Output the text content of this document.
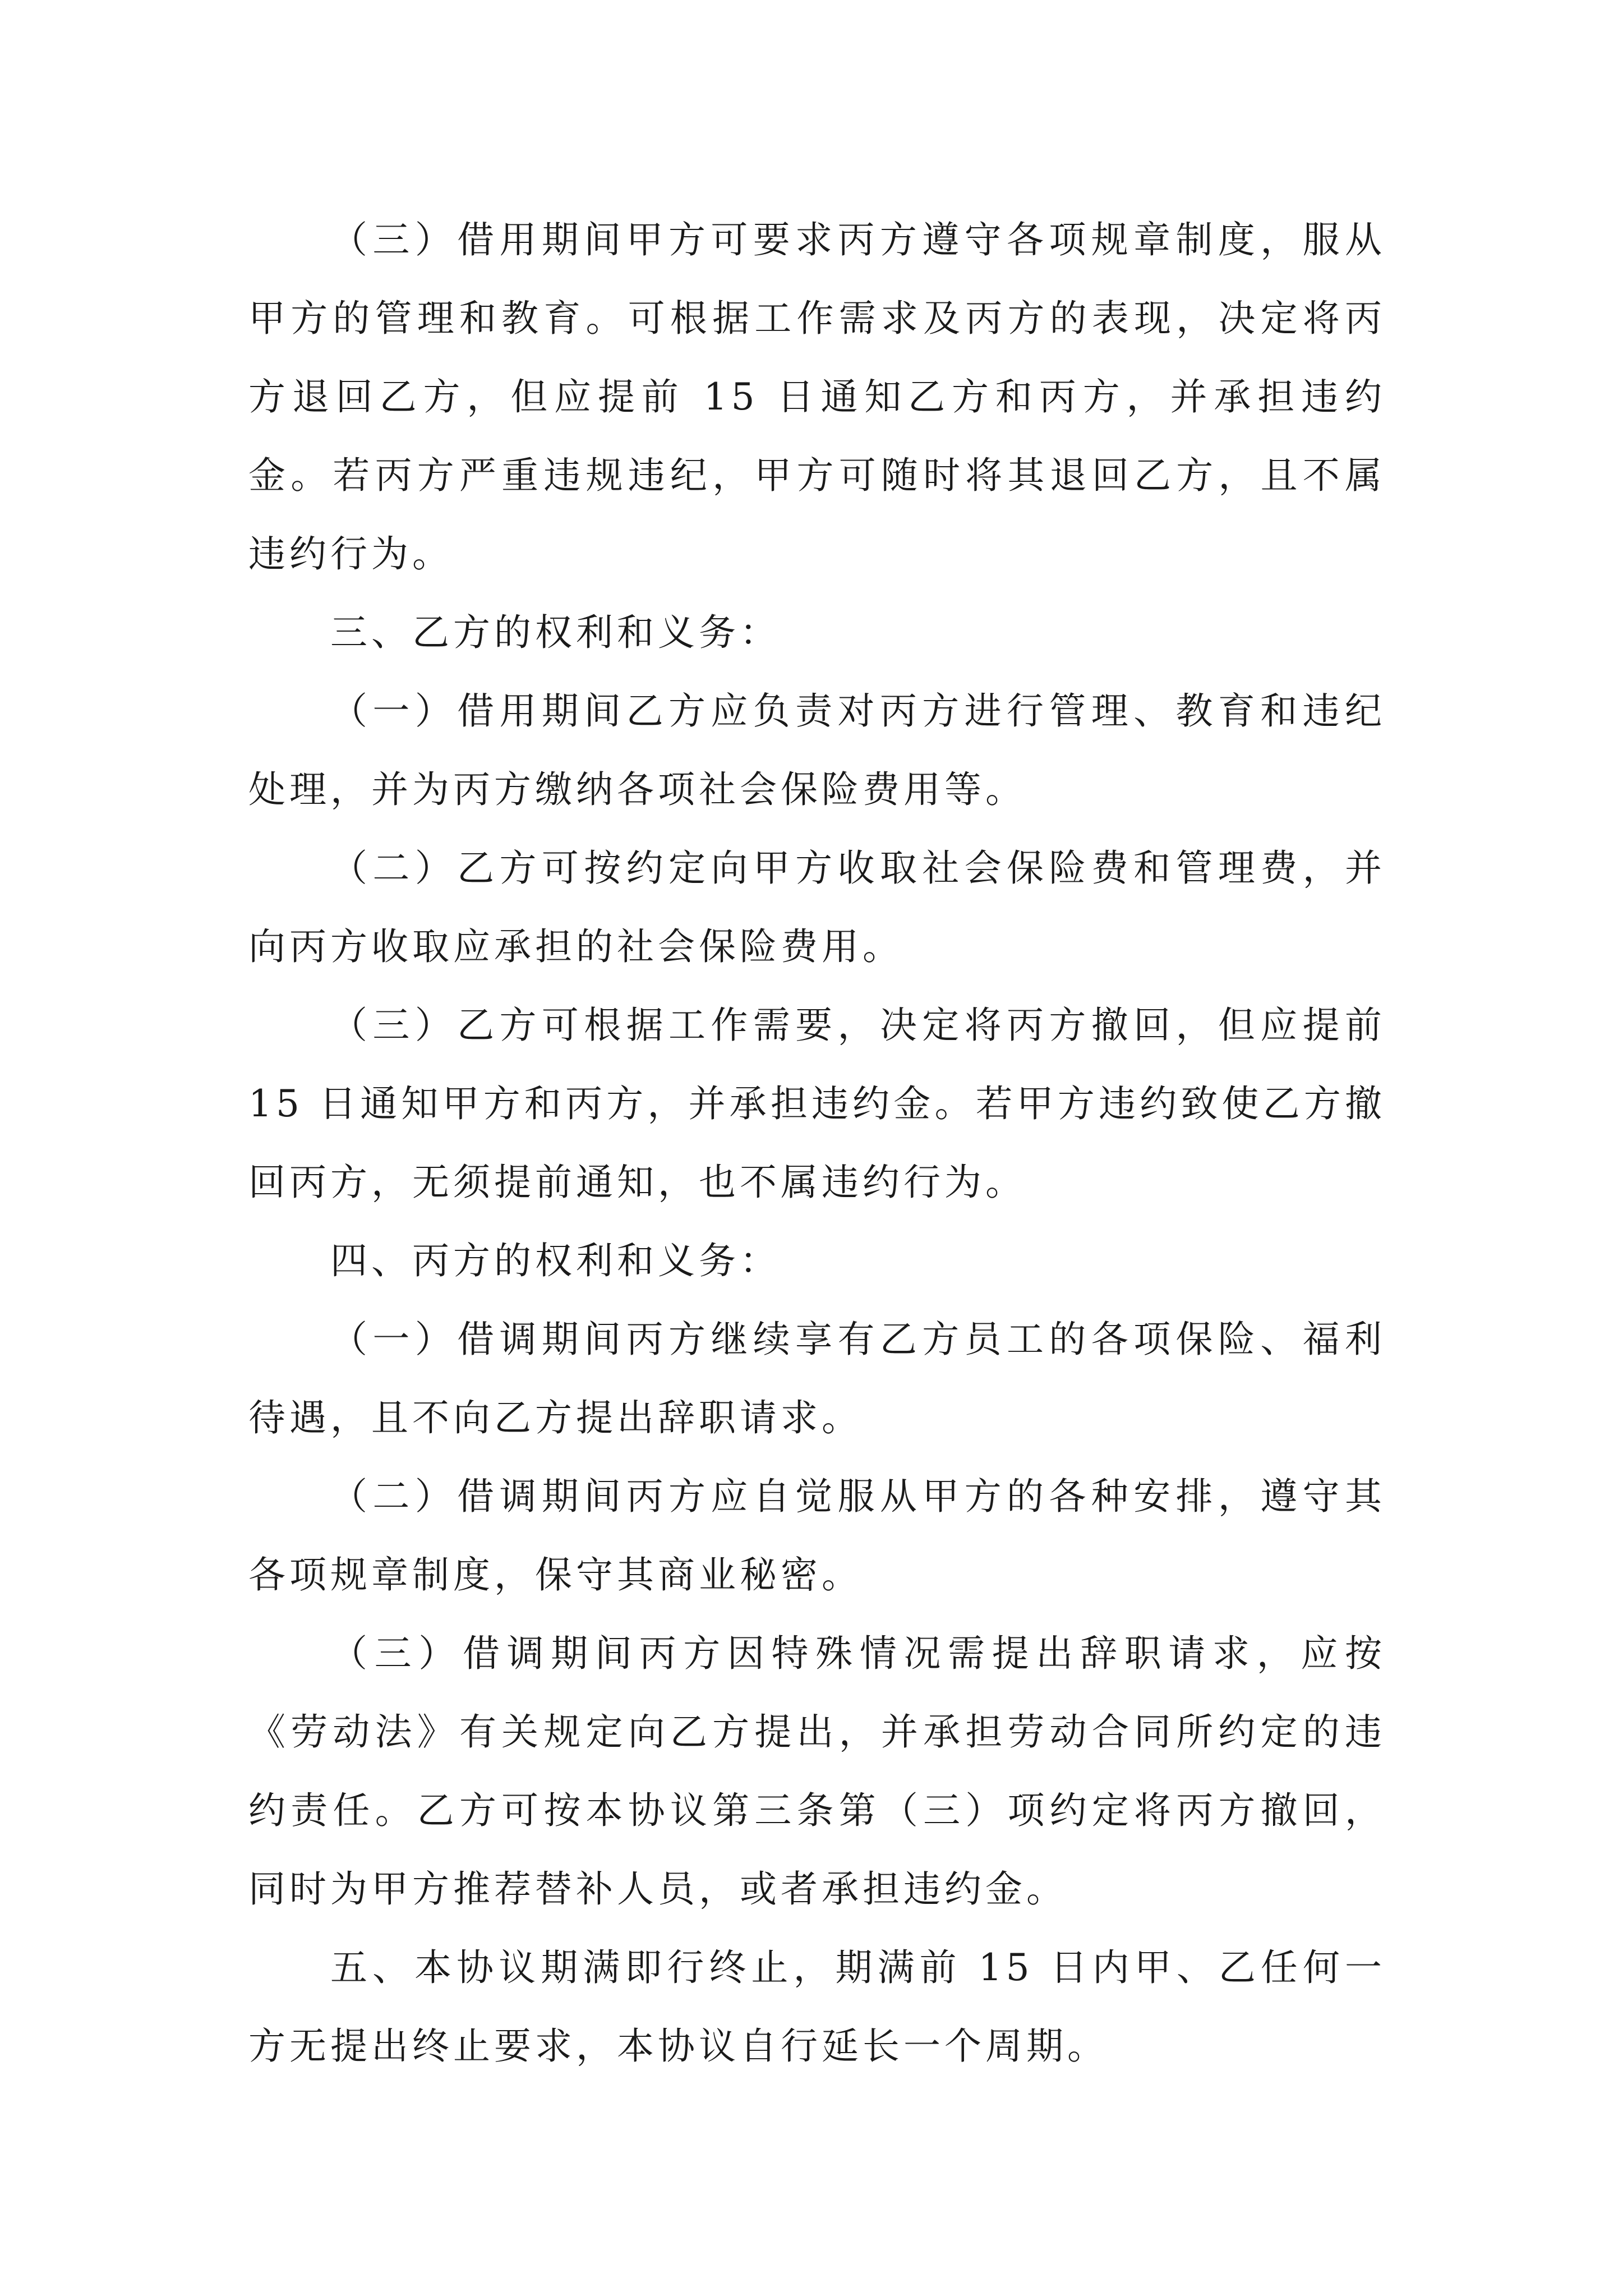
（三）借用期间甲方可要求丙方遵守各项规章制度，服从甲方的管理和教育。可根据工作需求及丙方的表现，决定将丙方退回乙方，但应提前 15 日通知乙方和丙方，并承担违约金。若丙方严重违规违纪，甲方可随时将其退回乙方，且不属违约行为。

三、乙方的权利和义务：

（一）借用期间乙方应负责对丙方进行管理、教育和违纪处理，并为丙方缴纳各项社会保险费用等。

（二）乙方可按约定向甲方收取社会保险费和管理费，并向丙方收取应承担的社会保险费用。

（三）乙方可根据工作需要，决定将丙方撤回，但应提前 15 日通知甲方和丙方，并承担违约金。若甲方违约致使乙方撤回丙方，无须提前通知，也不属违约行为。

四、丙方的权利和义务：

（一）借调期间丙方继续享有乙方员工的各项保险、福利待遇，且不向乙方提出辞职请求。

（二）借调期间丙方应自觉服从甲方的各种安排，遵守其各项规章制度，保守其商业秘密。

（三）借调期间丙方因特殊情况需提出辞职请求，应按《劳动法》有关规定向乙方提出，并承担劳动合同所约定的违约责任。乙方可按本协议第三条第（三）项约定将丙方撤回，同时为甲方推荐替补人员，或者承担违约金。

五、本协议期满即行终止，期满前 15 日内甲、乙任何一方无提出终止要求，本协议自行延长一个周期。
